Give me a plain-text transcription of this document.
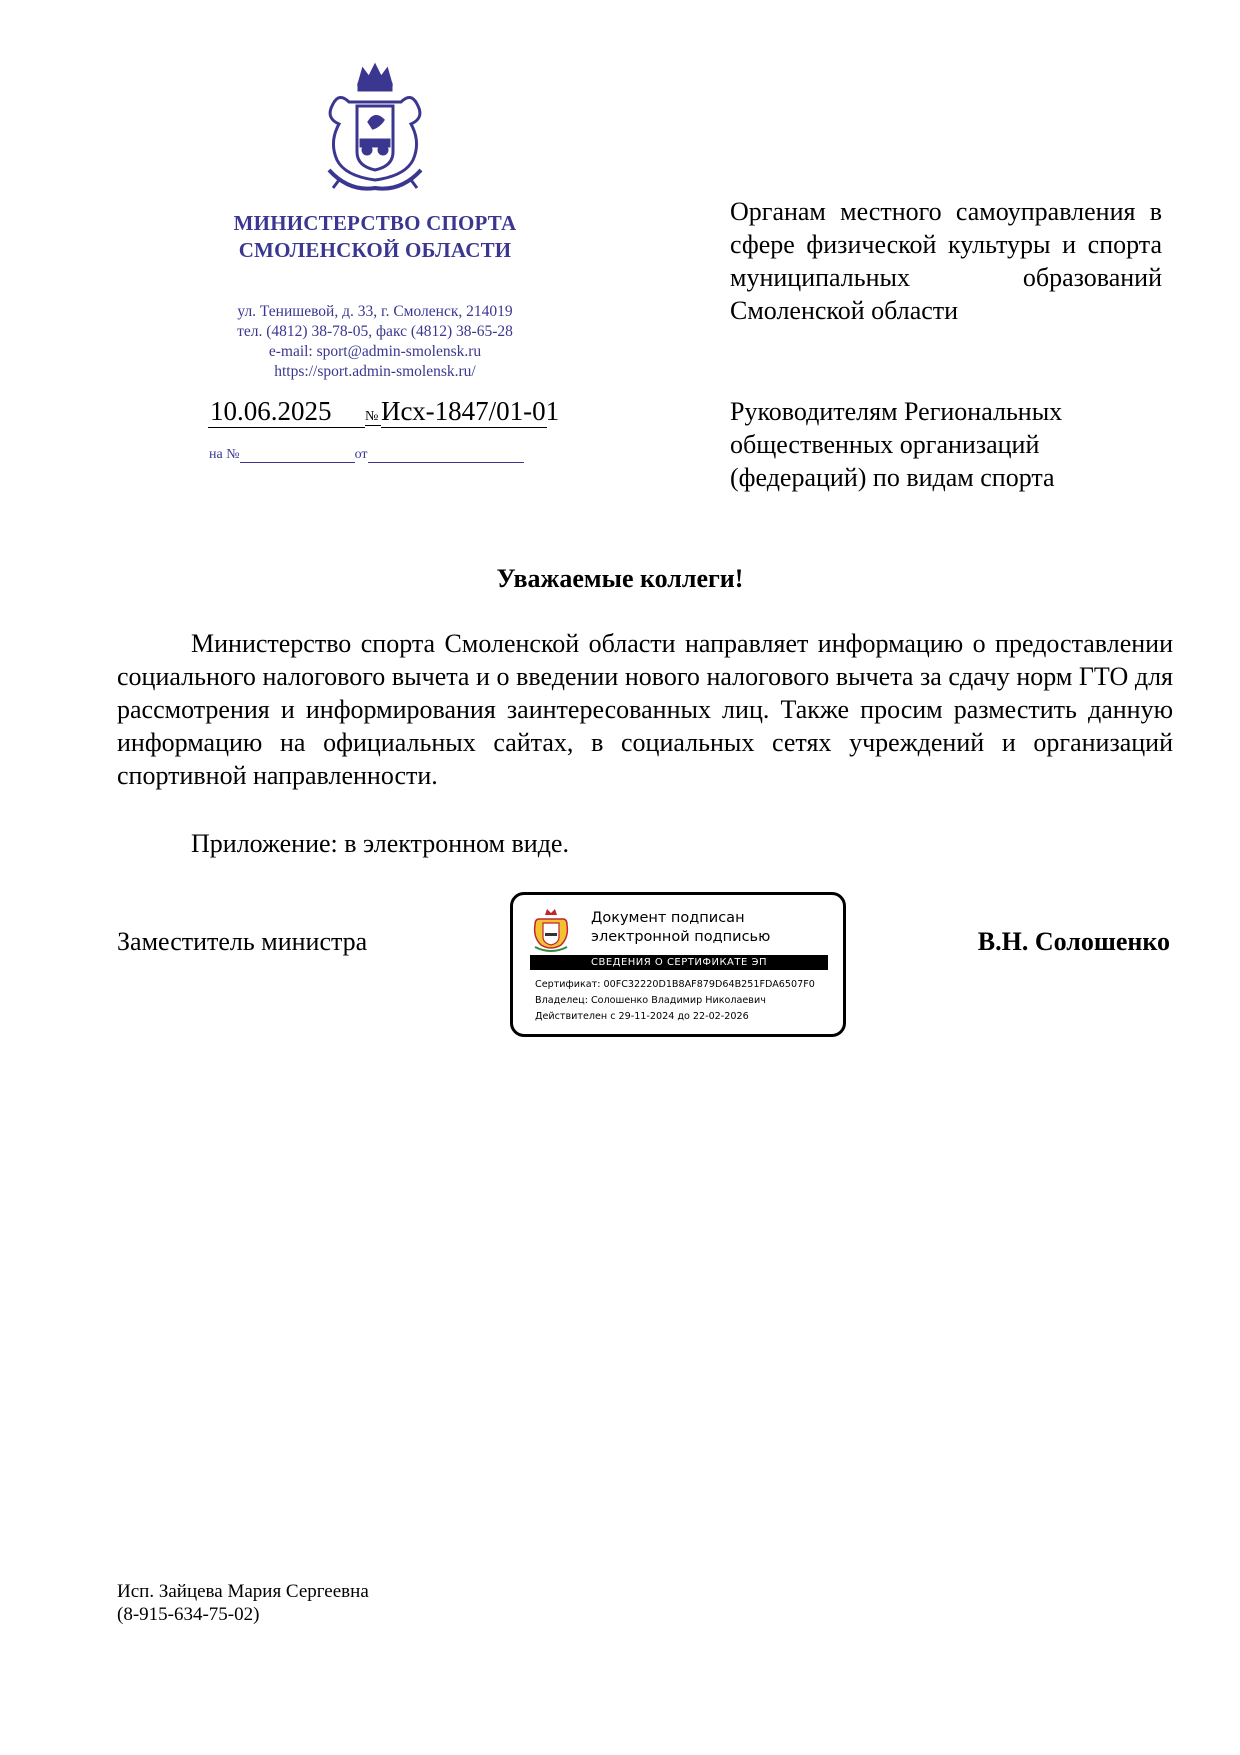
МИНИСТЕРСТВО СПОРТА
СМОЛЕНСКОЙ ОБЛАСТИ
ул. Тенишевой, д. 33, г. Смоленск, 214019
тел. (4812) 38-78-05, факс (4812) 38-65-28
e-mail: sport@admin-smolensk.ru
https://sport.admin-smolensk.ru/
10.06.2025 №Исх-1847/01-01
на №	от
Органам местного самоуправления в сфере физической культуры и спорта муниципальных образований Смоленской области
Руководителям Региональных
общественных организаций
(федераций) по видам спорта
Уважаемые коллеги!
Министерство спорта Смоленской области направляет информацию о предоставлении социального налогового вычета и о введении нового налогового вычета за сдачу норм ГТО для рассмотрения и информирования заинтересованных лиц. Также просим разместить данную информацию на официальных сайтах, в социальных сетях учреждений и организаций спортивной направленности.
Приложение: в электронном виде.
Заместитель министра	В.Н. Солошенко
Документ подписан
электронной подписью
СВЕДЕНИЯ О СЕРТИФИКАТЕ ЭП
Сертификат: 00FC32220D1B8AF879D64B251FDA6507F0
Владелец: Солошенко Владимир Николаевич
Действителен с 29-11-2024 до 22-02-2026
Исп. Зайцева Мария Сергеевна
(8-915-634-75-02)
